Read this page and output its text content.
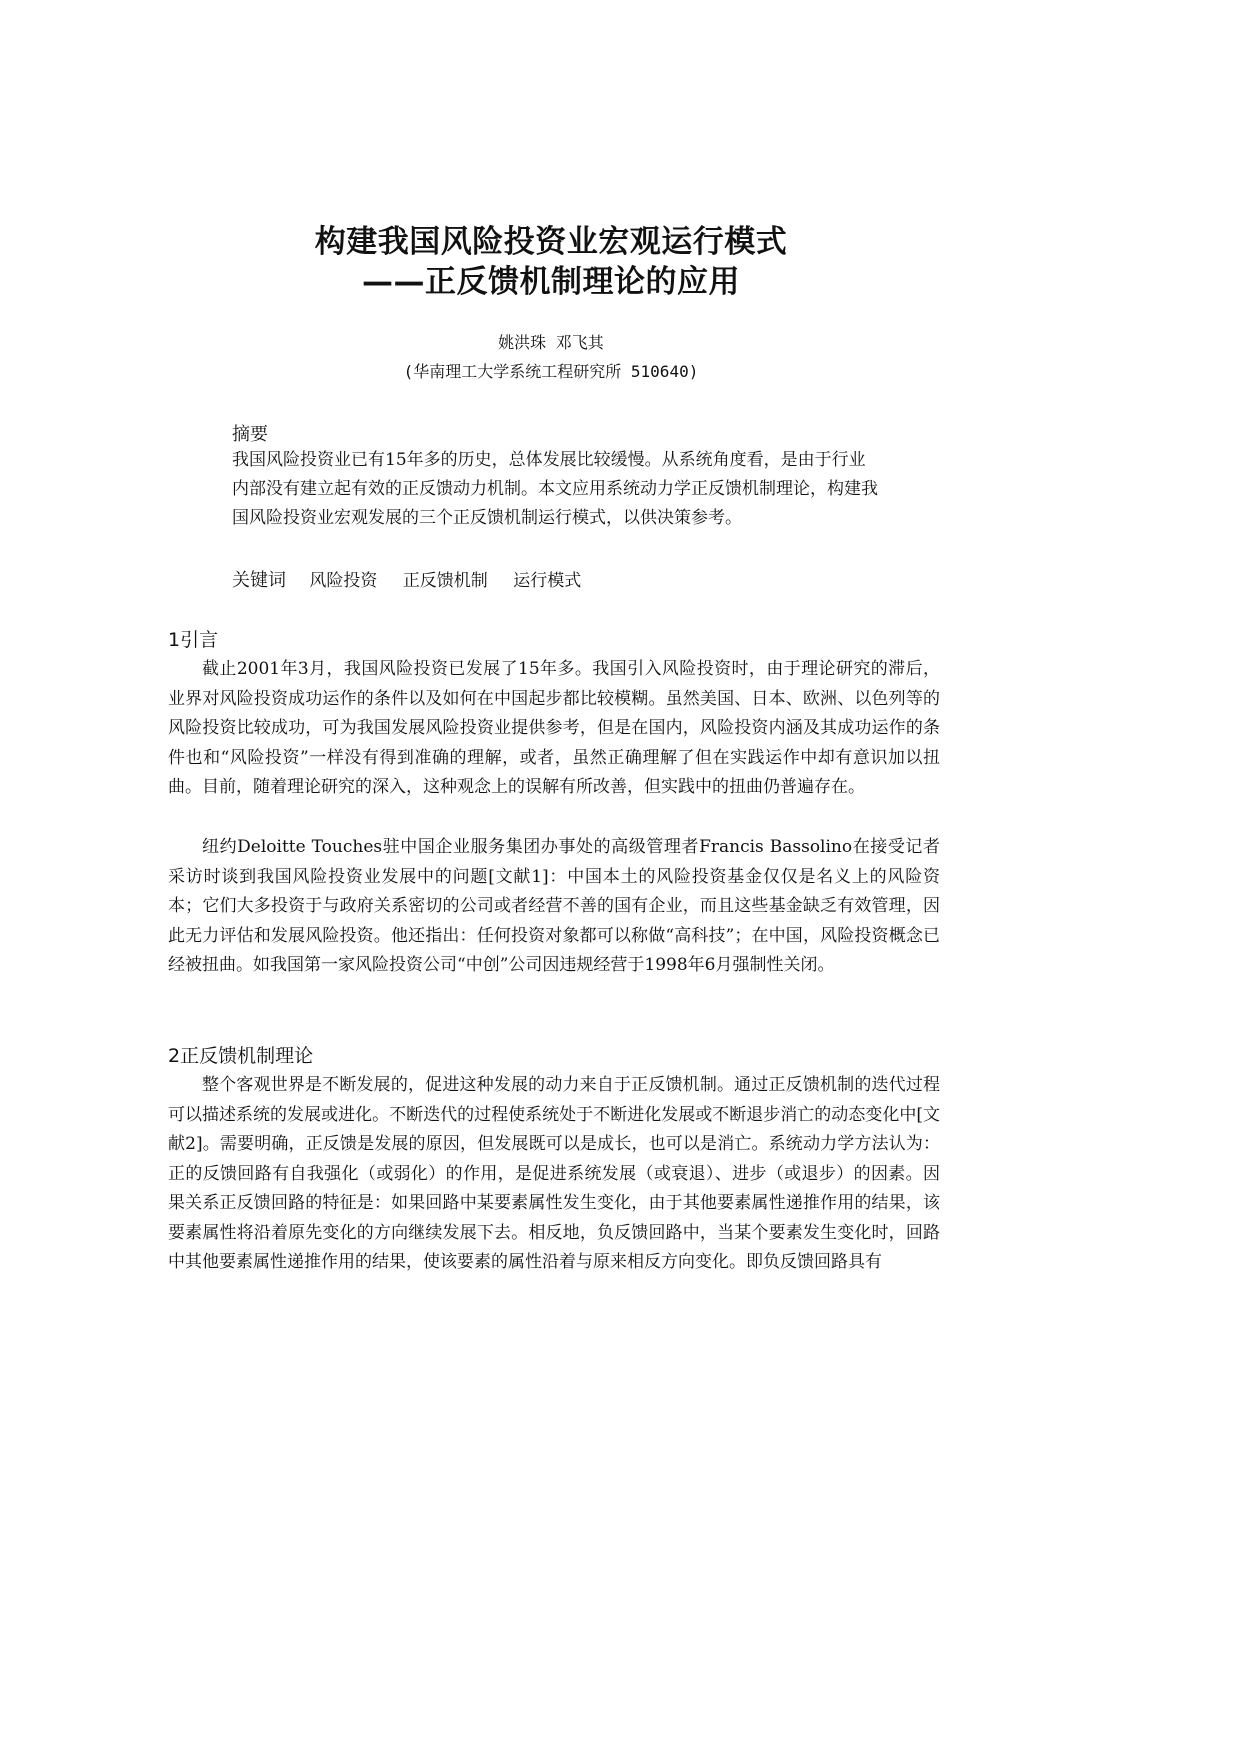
构建我国风险投资业宏观运行模式
——正反馈机制理论的应用
姚洪珠 邓飞其
(华南理工大学系统工程研究所 510640)
摘要
我国风险投资业已有15年多的历史，总体发展比较缓慢。从系统角度看，是由于行业内部没有建立起有效的正反馈动力机制。本文应用系统动力学正反馈机制理论，构建我国风险投资业宏观发展的三个正反馈机制运行模式，以供决策参考。
关键词 风险投资 正反馈机制 运行模式
1引言

截止2001年3月，我国风险投资已发展了15年多。我国引入风险投资时，由于理论研究的滞后，业界对风险投资成功运作的条件以及如何在中国起步都比较模糊。虽然美国、日本、欧洲、以色列等的风险投资比较成功，可为我国发展风险投资业提供参考，但是在国内，风险投资内涵及其成功运作的条件也和“风险投资”一样没有得到准确的理解，或者，虽然正确理解了但在实践运作中却有意识加以扭曲。目前，随着理论研究的深入，这种观念上的误解有所改善，但实践中的扭曲仍普遍存在。

纽约Deloitte Touches驻中国企业服务集团办事处的高级管理者Francis Bassolino在接受记者采访时谈到我国风险投资业发展中的问题[文献1]：中国本土的风险投资基金仅仅是名义上的风险资本；它们大多投资于与政府关系密切的公司或者经营不善的国有企业，而且这些基金缺乏有效管理，因此无力评估和发展风险投资。他还指出：任何投资对象都可以称做“高科技”；在中国，风险投资概念已经被扭曲。如我国第一家风险投资公司“中创”公司因违规经营于1998年6月强制性关闭。

2正反馈机制理论

整个客观世界是不断发展的，促进这种发展的动力来自于正反馈机制。通过正反馈机制的迭代过程可以描述系统的发展或进化。不断迭代的过程使系统处于不断进化发展或不断退步消亡的动态变化中[文献2]。需要明确，正反馈是发展的原因，但发展既可以是成长，也可以是消亡。系统动力学方法认为：正的反馈回路有自我强化（或弱化）的作用，是促进系统发展（或衰退）、进步（或退步）的因素。因果关系正反馈回路的特征是：如果回路中某要素属性发生变化，由于其他要素属性递推作用的结果，该要素属性将沿着原先变化的方向继续发展下去。相反地，负反馈回路中，当某个要素发生变化时，回路中其他要素属性递推作用的结果，使该要素的属性沿着与原来相反方向变化。即负反馈回路具有
